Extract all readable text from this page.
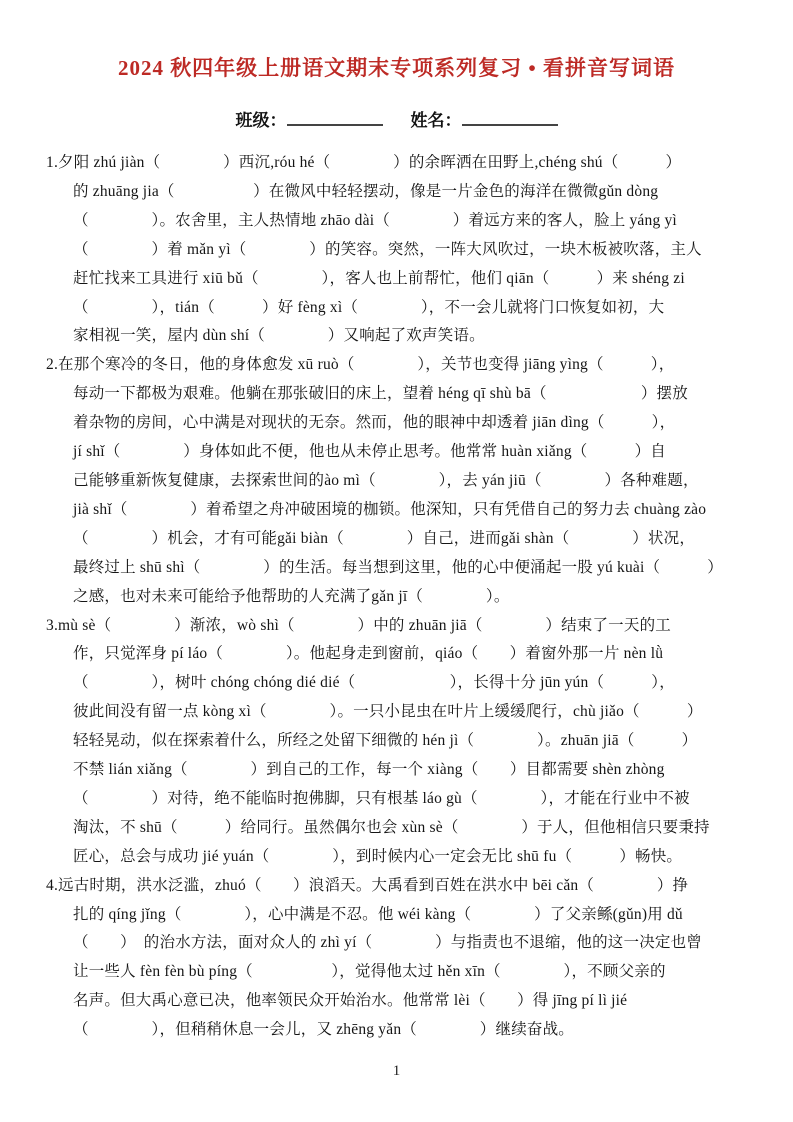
2024 秋四年级上册语文期末专项系列复习 • 看拼音写词语
班级：	姓名：
1.夕阳 zhú jiàn（　　　　）西沉,róu hé（　　　　）的余晖洒在田野上,chéng shú（　　　）
的 zhuāng jia（　　　　　）在微风中轻轻摆动，像是一片金色的海洋在微微gǔn dòng
（　　　　）。农舍里，主人热情地 zhāo dài（　　　　）着远方来的客人，脸上 yáng yì
（　　　　）着 mǎn yì（　　　　）的笑容。突然，一阵大风吹过，一块木板被吹落，主人
赶忙找来工具进行 xiū bǔ（　　　　），客人也上前帮忙，他们 qiān（　　　）来 shéng zi
（　　　　），tián（　　　）好 fèng xì（　　　　），不一会儿就将门口恢复如初，大
家相视一笑，屋内 dùn shí（　　　　）又响起了欢声笑语。
2.在那个寒冷的冬日，他的身体愈发 xū ruò（　　　　），关节也变得 jiāng yìng（　　　），
每动一下都极为艰难。他躺在那张破旧的床上，望着 héng qī shù bā（　　　　　　）摆放
着杂物的房间，心中满是对现状的无奈。然而，他的眼神中却透着 jiān dìng（　　　），
jí shǐ（　　　　）身体如此不便，他也从未停止思考。他常常 huàn xiǎng（　　　）自
己能够重新恢复健康，去探索世间的ào mì（　　　　），去 yán jiū（　　　　）各种难题，
jià shǐ（　　　　）着希望之舟冲破困境的枷锁。他深知，只有凭借自己的努力去 chuàng zào
（　　　　）机会，才有可能gǎi biàn（　　　　）自己，进而gǎi shàn（　　　　）状况，
最终过上 shū shì（　　　　）的生活。每当想到这里，他的心中便涌起一股 yú kuài（　　　）
之感，也对未来可能给予他帮助的人充满了gǎn jī（　　　　）。
3.mù sè（　　　　）渐浓，wò shì（　　　　）中的 zhuān jiā（　　　　）结束了一天的工
作，只觉浑身 pí láo（　　　　）。他起身走到窗前，qiáo（　　）着窗外那一片 nèn lǜ
（　　　　），树叶 chóng chóng dié dié（　　　　　　），长得十分 jūn yún（　　　），
彼此间没有留一点 kòng xì（　　　　）。一只小昆虫在叶片上缓缓爬行，chù jiǎo（　　　）
轻轻晃动，似在探索着什么，所经之处留下细微的 hén jì（　　　　）。zhuān jiā（　　　）
不禁 lián xiǎng（　　　　）到自己的工作，每一个 xiàng（　　）目都需要 shèn zhòng
（　　　　）对待，绝不能临时抱佛脚，只有根基 láo gù（　　　　），才能在行业中不被
淘汰，不 shū（　　　）给同行。虽然偶尔也会 xùn sè（　　　　）于人，但他相信只要秉持
匠心，总会与成功 jié yuán（　　　　），到时候内心一定会无比 shū fu（　　　）畅快。
4.远古时期，洪水泛滥，zhuó（　　）浪滔天。大禹看到百姓在洪水中 bēi cǎn（　　　　）挣
扎的 qíng jǐng（　　　　），心中满是不忍。他 wéi kàng（　　　　）了父亲鲧(gǔn)用 dǔ
（　　）　的治水方法，面对众人的 zhì yí（　　　　）与指责也不退缩，他的这一决定也曾
让一些人 fèn fèn bù píng（　　　　　），觉得他太过 hěn xīn（　　　　），不顾父亲的
名声。但大禹心意已决，他率领民众开始治水。他常常 lèi（　　）得 jīng pí lì jié
（　　　　），但稍稍休息一会儿，又 zhēng yǎn（　　　　）继续奋战。
1
